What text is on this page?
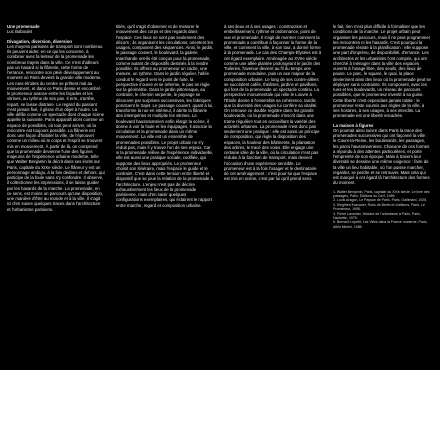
Une promenade

Luc Baboulet

Divagation, diversion, diversion

Les moyens parisiens de transport sont nombreux. Ils peuvent aider, en ce qui les concerne, à combiner avec la lenteur de la promenade les nombreux trajets dans la ville. Ce n'est d'ailleurs pas un hasard si la flânerie, cette forme de l'errance, rencontre son plein développement au moment où Paris devient la grande ville moderne. Les rues étroites du centre se prêtent mal au mouvement, et dans ce Paris dense et encombré le promeneur avance entre les façades et les vitrines, au rythme de ses pas. Il erre, s'arrête, repart, se laisse distraire. Le regard du passant n'est jamais fixé, il glisse d'un objet à l'autre. La ville défile comme un spectacle dont chaque scène appelle la suivante. Paris apparaît alors comme un espace de possibles, où tout peut arriver, où la rencontre est toujours possible. La flânerie est donc une façon d'habiter la ville, de l'éprouver comme un milieu où le corps et l'esprit se trouvent mis en mouvement. À partir de là, on comprend que la promenade devienne l'une des figures majeures de l'expérience urbaine moderne, telle que Walter Benjamin la décrit dans ses écrits sur Paris, capitale du XIXe siècle. Le flâneur y est un personnage ambigu, à la fois dedans et dehors, qui participe de la foule sans s'y confondre. Il observe, il collectionne les impressions, il se laisse guider par les hasards de la marche. La promenade, en ce sens, est moins un parcours qu'une disposition, une manière d'être au monde et à la ville. Il s'agit ici d'en suivre quelques traces dans l'architecture et l'urbanisme parisiens.

titiés, qu'il s'agit d'observer et de mesurer le mouvement des corps et des regards dans l'espace. Ces lieux ne sont pas seulement des décors : ils organisent les circulations, orientent les usages, composent des séquences. Ainsi, le jardin, le passage couvert, le boulevard, la galerie marchande ont-ils été conçus pour la promenade, comme autant de dispositifs destinés à la rendre possible. Ils offrent au promeneur un cadre, une mesure, un rythme. Dans le jardin régulier, l'allée conduit le regard vers le point de fuite, la perspective s'ouvre et se referme, le pas se règle sur la géométrie. Dans le jardin pittoresque, au contraire, le chemin serpente, le paysage se découvre par surprises successives, les fabriques ponctuent le trajet. Le passage couvert, quant à lui, transforme la rue en intérieur, il abrite la flânerie des intempéries et multiplie les vitrines. Le boulevard haussmannien enfin élargit la scène, il donne à voir la foule et les équipages, il associe la circulation et la promenade dans un même mouvement. La ville est un ensemble de promenades possibles. Le projet urbain ne s'y réduit pas, mais il y trouve l'un de ses enjeux. Car si la promenade relève de l'expérience individuelle, elle est aussi une pratique sociale, codifiée, qui suppose des lieux appropriés. Le promeneur choisit son itinéraire, mais l'espace le guide et le contraint. C'est dans cette tension entre liberté et dispositif que se joue la relation de la promenade à l'architecture. L'enjeu n'est pas de décrire exhaustivement les lieux de la promenade parisienne, mais d'en saisir quelques configurations exemplaires, qui éclairent le rapport entre marche, regard et composition urbaine.

à ses lieux et à ses usages : construction et embellissement, rythme et ordonnance, point de vue et promenade. Il s'agit de montrer comment la promenade a contribué à façonner la forme de la ville, et comment la ville, à son tour, a donné forme à la promenade. Le cas des Champs-Élysées est à cet égard exemplaire. Aménagée au XVIIe siècle comme une allée plantée prolongeant le jardin des Tuileries, l'avenue devient au fil du temps une promenade mondaine, puis un axe majeur de la composition urbaine. Le long de ses contre-allées se succèdent cafés, théâtres, jardins et pavillons, qui font de la promenade un spectacle continu. La perspective monumentale qui relie le Louvre à l'Étoile donne à l'ensemble sa cohérence, tandis que la diversité des usages lui confère sa vitalité. On retrouve ce double registre dans les grands boulevards, où la promenade s'inscrit dans une trame régulière tout en accueillant la variété des activités urbaines. La promenade n'est donc pas seulement une pratique : elle est aussi un principe de composition, qui règle la disposition des espaces, la hauteur des bâtiments, la plantation des arbres, le tracé des voies. Elle engage une certaine idée de la ville, où la circulation n'est pas réduite à la fonction de transport, mais devient l'occasion d'une expérience sensible. Le promeneur est à la fois l'usager et le destinataire de cet aménagement : c'est pour lui que l'espace est mis en scène, c'est par lui qu'il prend sens.

le fait, rien n'est plus difficile à formaliser que les conditions de la marche. Le projet urbain peut organiser les parcours, mais il ne peut programmer les rencontres ni les hasards. C'est pourquoi la promenade résiste à la planification : elle suppose une part d'imprévu, de disponibilité, d'errance. Les architectes et les urbanistes l'ont compris, qui ont cherché à ménager dans la ville des espaces ouverts à l'usage libre, des seuils, des lieux de pause. Le parc, le square, le quai, la place deviennent ainsi des lieux où la promenade peut se déployer sans contrainte. Ils composent, avec les rues et les boulevards, un réseau de parcours possibles, que le promeneur investit à sa guise. Cette liberté n'est cependant jamais totale : le promeneur reste soumis aux règles de la ville, à ses horaires, à ses usages, à ses interdits. La promenade est une liberté encadrée.

La maison à figures

On pourrait ainsi suivre dans Paris la trace des promenades successives qui ont façonné la ville : le Cours-la-Reine, les boulevards, les passages, les parcs haussmanniens. Chacune de ces formes a répondu à des attentes particulières, et porte l'empreinte de son époque. Mais à travers leur diversité se dessine une même exigence : faire de la ville un lieu habitable, où l'on puisse marcher, regarder, se perdre et se retrouver. Mais cela qui est marqué à cet égard là l'architecture des formes du moment.

1. Walter Benjamin, Paris, capitale du XIXe siècle. Le livre des passages, Paris, Éditions du Cerf, 1989.

2. Louis Aragon, Le Paysan de Paris, Paris, Gallimard, 1926.

3. Siegfried Kracauer, Rues de Berlin et d'ailleurs, Paris, Le Promeneur, 1995.

4. Pierre Lavedan, Histoire de l'urbanisme à Paris, Paris, Hachette, 1975.

5. Bernard Lepetit, Les Villes dans la France moderne, Paris, Albin Michel, 1988.
